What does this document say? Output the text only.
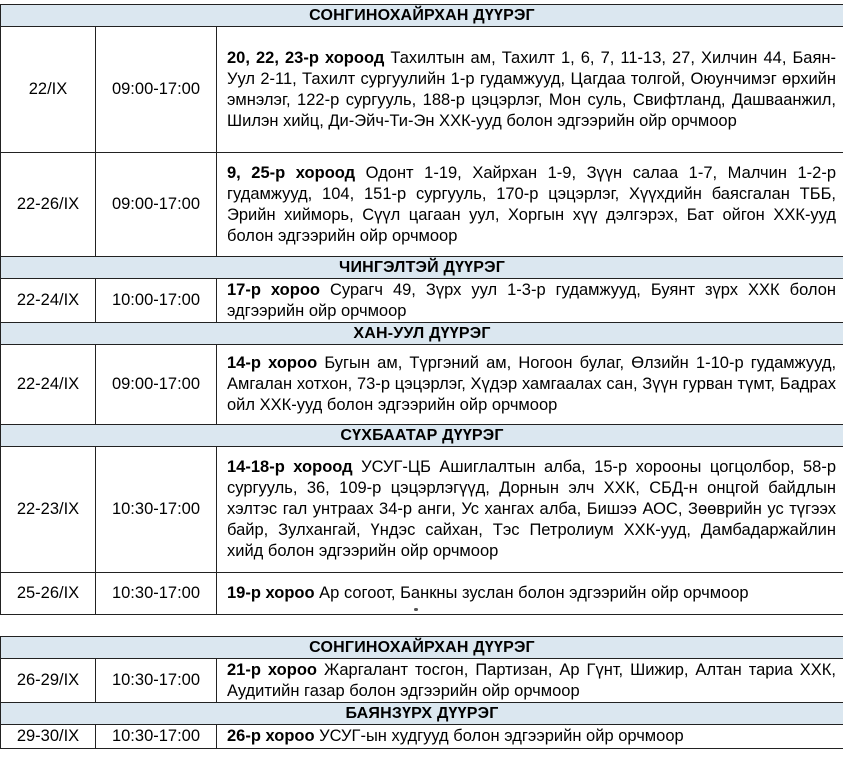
СОНГИНОХАЙРХАН ДҮҮРЭГ		
22/IX	09:00-17:00	20, 22, 23-р хороод Тахилтын ам, Тахилт 1, 6, 7, 11-13, 27, Хилчин 44, Баян-Уул 2-11, Тахилт сургуулийн 1-р гудамжууд, Цагдаа толгой, Оюунчимэг өрхийн эмнэлэг, 122-р сургууль, 188-р цэцэрлэг, Мон суль, Свифтланд, Дашваанжил, Шилэн хийц, Ди-Эйч-Ти-Эн ХХК-ууд болон эдгээрийн ойр орчмоор
22-26/IX	09:00-17:00	9, 25-р хороод Одонт 1-19, Хайрхан 1-9, Зүүн салаа 1-7, Малчин 1-2-р гудамжууд, 104, 151-р сургууль, 170-р цэцэрлэг, Хүүхдийн баясгалан ТББ, Эрийн хийморь, Сүүл цагаан уул, Хоргын хүү дэлгэрэх, Бат ойгон ХХК-ууд болон эдгээрийн ойр орчмоор
ЧИНГЭЛТЭЙ ДҮҮРЭГ		
22-24/IX	10:00-17:00	17-р хороо Сурагч 49, Зүрх уул 1-3-р гудамжууд, Буянт зүрх ХХК болон эдгээрийн ойр орчмоор
ХАН-УУЛ ДҮҮРЭГ		
22-24/IX	09:00-17:00	14-р хороо Бугын ам, Түргэний ам, Ногоон булаг, Өлзийн 1-10-р гудамжууд, Амгалан хотхон, 73-р цэцэрлэг, Хүдэр хамгаалах сан, Зүүн гурван түмт, Бадрах ойл ХХК-ууд болон эдгээрийн ойр орчмоор
СҮХБААТАР ДҮҮРЭГ		
22-23/IX	10:30-17:00	14-18-р хороод УСУГ-ЦБ Ашиглалтын алба, 15-р хорооны цогцолбор, 58-р сургууль, 36, 109-р цэцэрлэгүүд, Дорнын элч ХХК, СБД-н онцгой байдлын хэлтэс гал унтраах 34-р анги, Ус хангах алба, Бишээ АОС, Зөөврийн ус түгээх байр, Зулхангай, Үндэс сайхан, Тэс Петролиум ХХК-ууд, Дамбадаржайлин хийд болон эдгээрийн ойр орчмоор
25-26/IX	10:30-17:00	19-р хороо Ар согоот, Банкны зуслан болон эдгээрийн ойр орчмоор
СОНГИНОХАЙРХАН ДҮҮРЭГ		
26-29/IX	10:30-17:00	21-р хороо Жаргалант тосгон, Партизан, Ар Гүнт, Шижир, Алтан тариа ХХК, Аудитийн газар болон эдгээрийн ойр орчмоор
БАЯНЗҮРХ ДҮҮРЭГ		
29-30/IX	10:30-17:00	26-р хороо УСУГ-ын худгууд болон эдгээрийн ойр орчмоор
